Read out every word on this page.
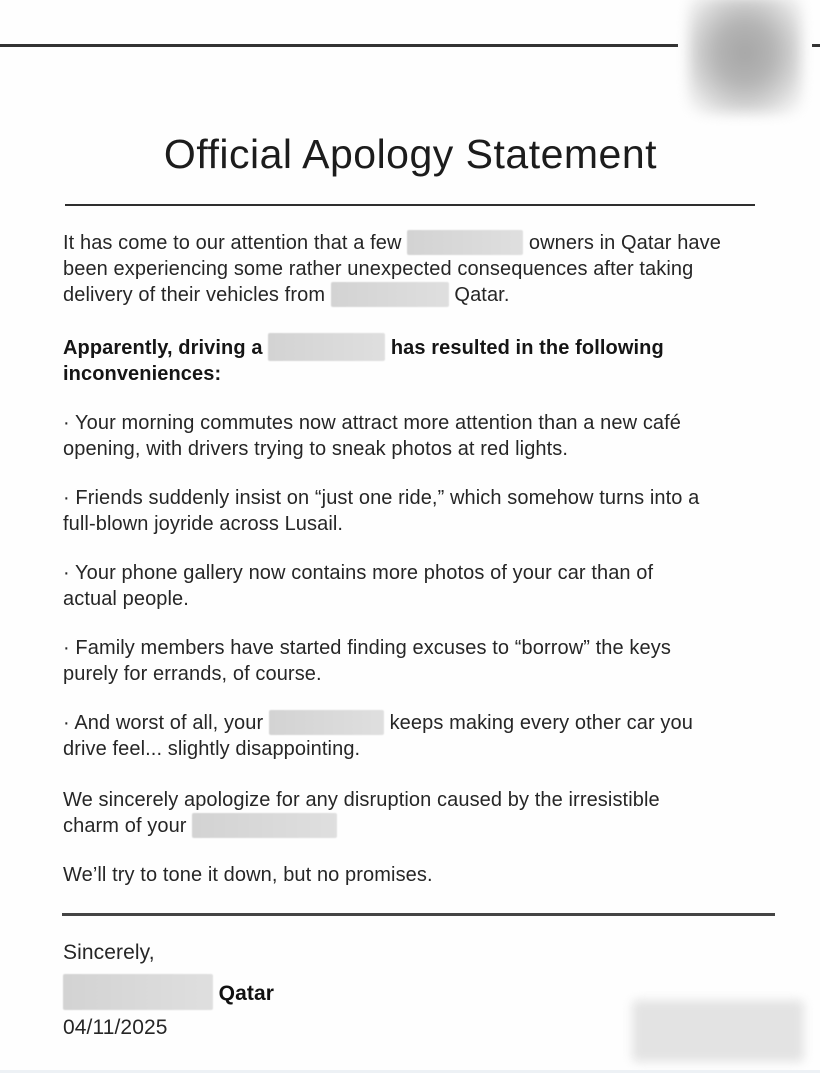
Official Apology Statement

It has come to our attention that a few	owners in Qatar have
been experiencing some rather unexpected consequences after taking
delivery of their vehicles from	Qatar.

Apparently, driving a	has resulted in the following
inconveniences:

· Your morning commutes now attract more attention than a new café
opening, with drivers trying to sneak photos at red lights.

· Friends suddenly insist on “just one ride,” which somehow turns into a
full-blown joyride across Lusail.

· Your phone gallery now contains more photos of your car than of
actual people.

· Family members have started finding excuses to “borrow” the keys
purely for errands, of course.

· And worst of all, your	keeps making every other car you
drive feel... slightly disappointing.

We sincerely apologize for any disruption caused by the irresistible
charm of your

We’ll try to tone it down, but no promises.

Sincerely,

Qatar

04/11/2025
